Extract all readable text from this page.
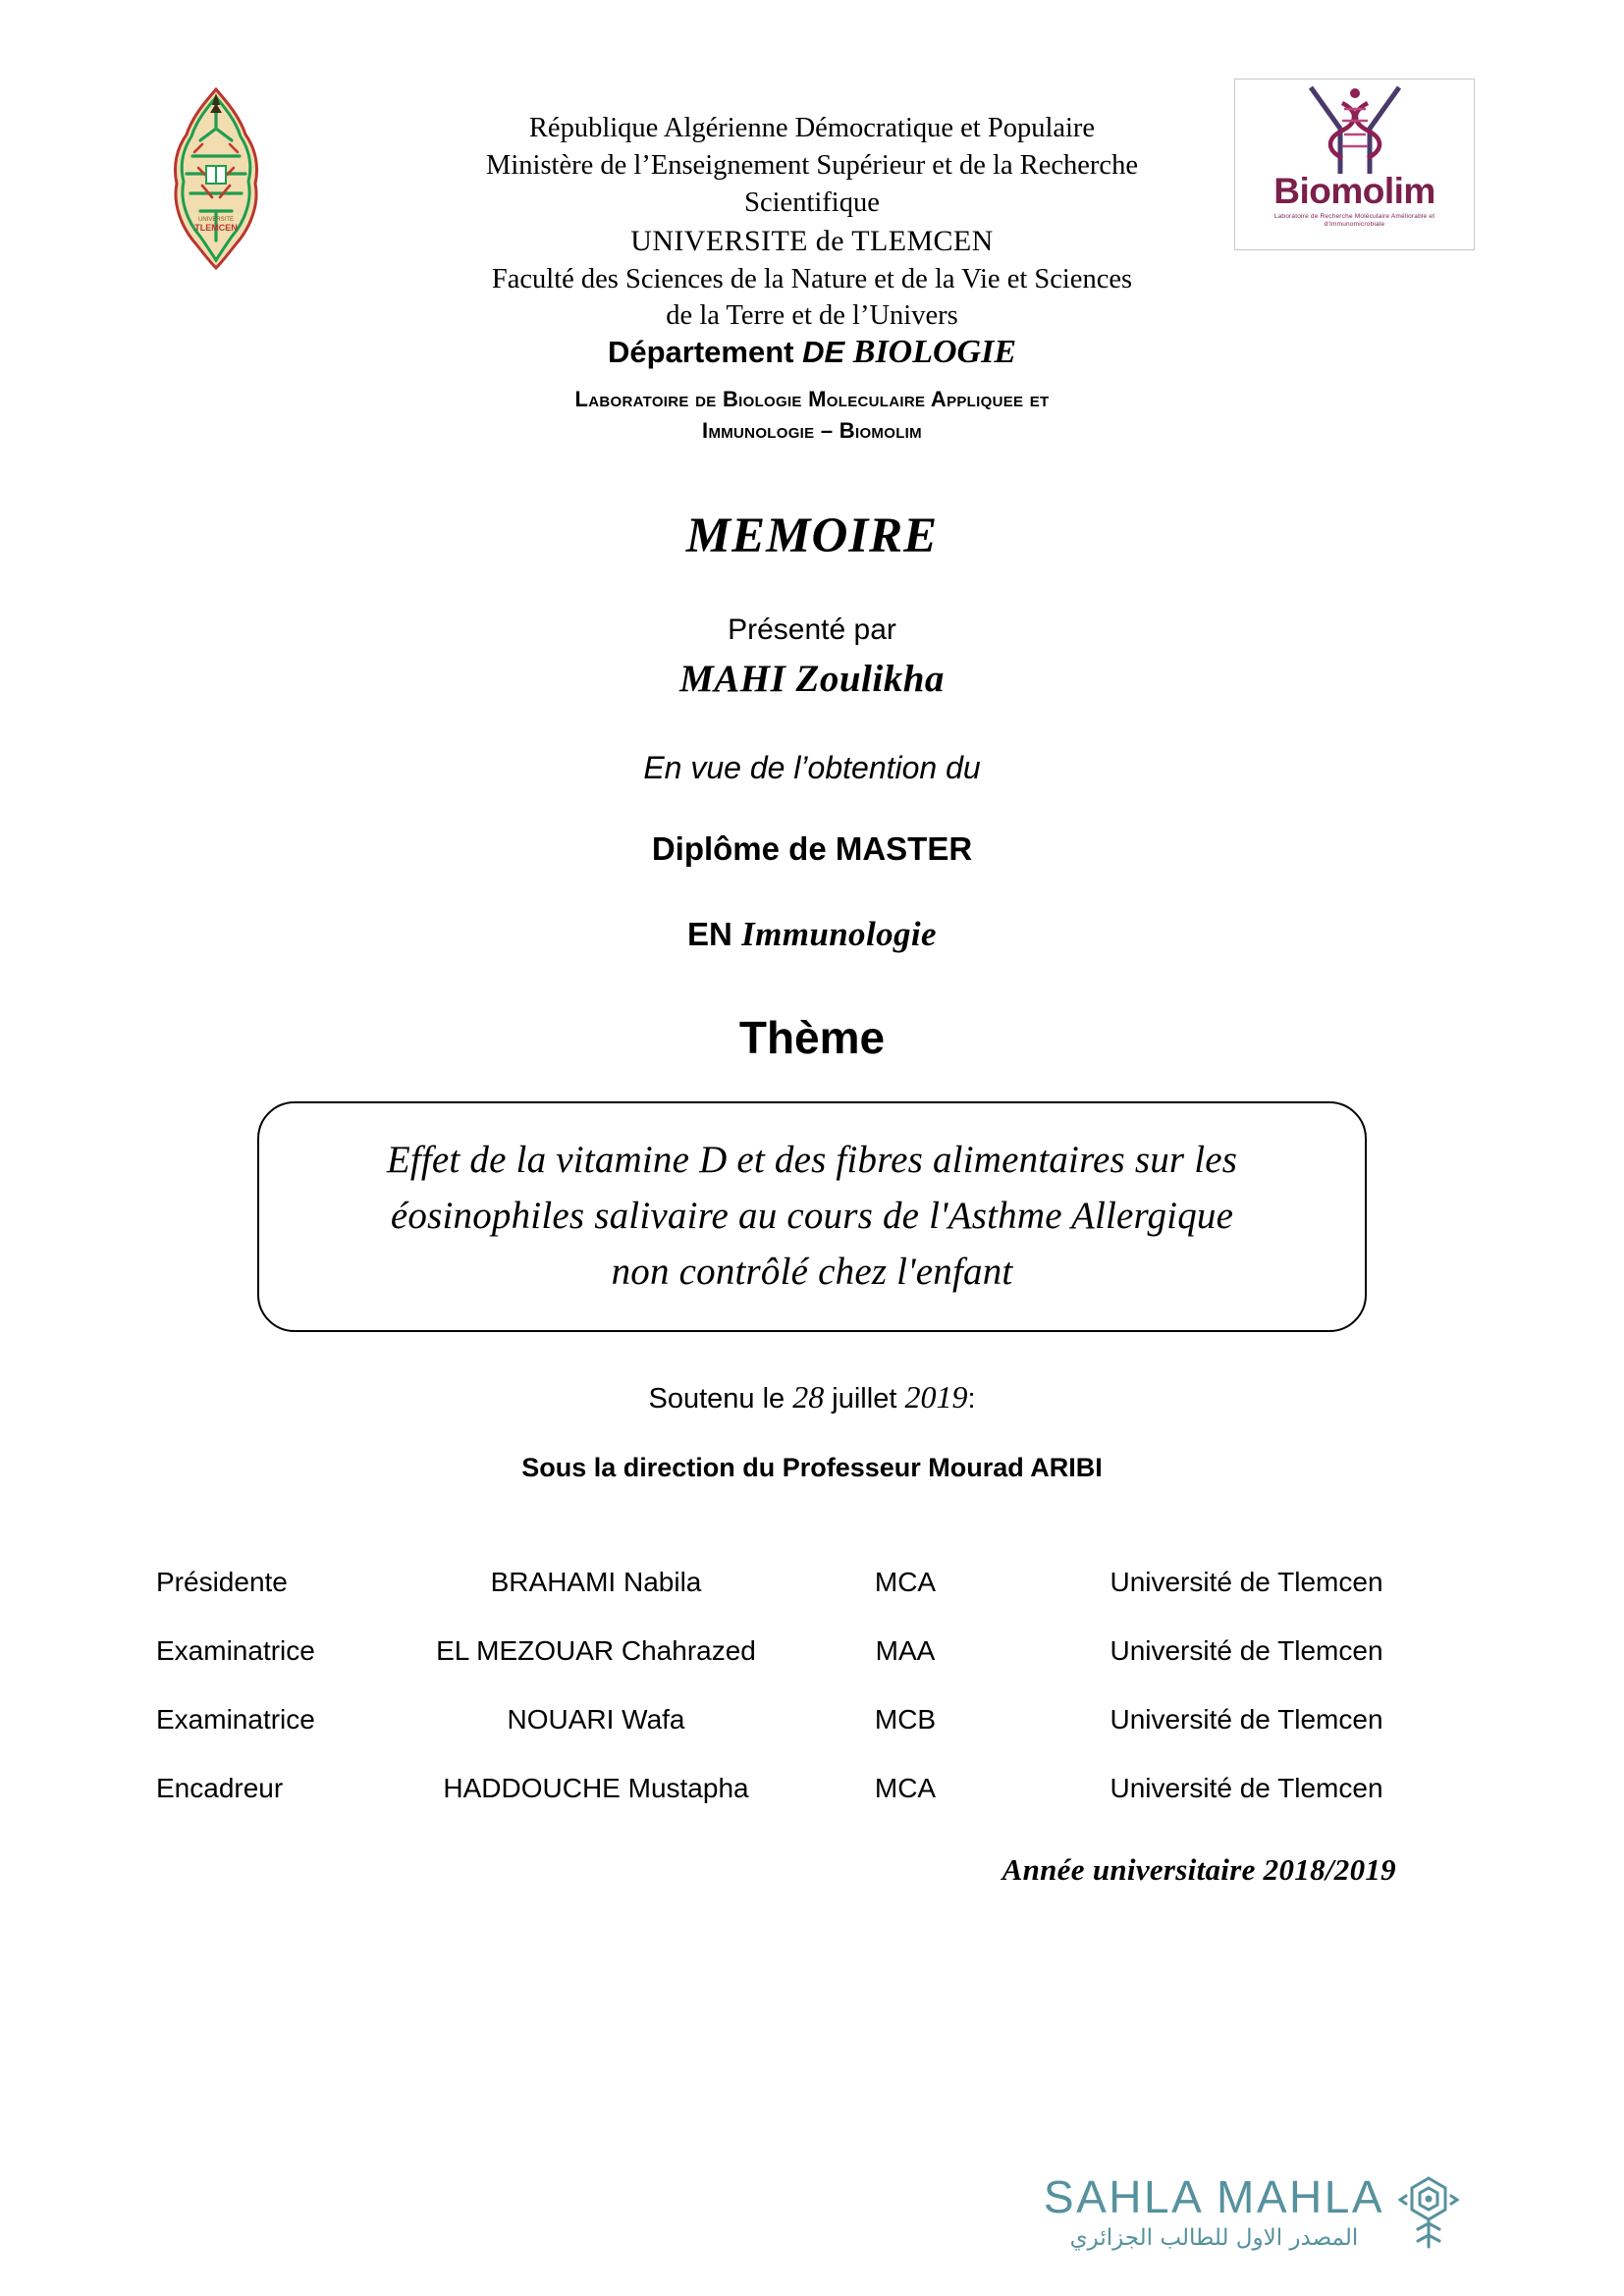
TLEMCEN
UNIVERSITE
République Algérienne Démocratique et Populaire
Ministère de l’Enseignement Supérieur et de la Recherche
Scientifique
UNIVERSITE de TLEMCEN
Faculté des Sciences de la Nature et de la Vie et Sciences
de la Terre et de l’Univers
Biomolim
Laboratoire de Recherche Moléculaire Améliorable et d'Immunomicrobiale
Département DE BIOLOGIE
Laboratoire de Biologie Moleculaire Appliquee et
Immunologie – Biomolim
MEMOIRE
Présenté par
MAHI Zoulikha
En vue de l’obtention du
Diplôme de MASTER
EN Immunologie
Thème
Effet de la vitamine D et des fibres alimentaires sur les
éosinophiles salivaire au cours de l'Asthme Allergique
non contrôlé chez l'enfant
Soutenu le 28 juillet 2019:
Sous la direction du Professeur Mourad ARIBI
Présidente	BRAHAMI Nabila	MCA	Université de Tlemcen
Examinatrice	EL MEZOUAR Chahrazed	MAA	Université de Tlemcen
Examinatrice	NOUARI Wafa	MCB	Université de Tlemcen
Encadreur	HADDOUCHE Mustapha	MCA	Université de Tlemcen
Année universitaire 2018/2019
SAHLA MAHLA
المصدر الاول للطالب الجزائري
